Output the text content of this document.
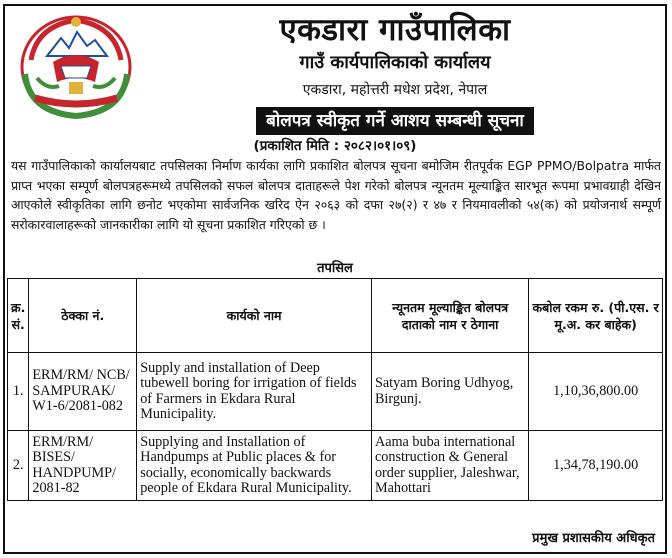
एकडारा गाउँपालिका
गाउँ कार्यपालिकाको कार्यालय
एकडारा, महोत्तरी मधेश प्रदेश, नेपाल
बोलपत्र स्वीकृत गर्ने आशय सम्बन्धी सूचना
(प्रकाशित मिति : २०८२।०१।०९)
यस गाउँपालिकाको कार्यालयबाट तपसिलका निर्माण कार्यका लागि प्रकाशित बोलपत्र सूचना बमोजिम रीतपूर्वक EGP PPMO/Bolpatra मार्फत प्राप्त भएका सम्पूर्ण बोलपत्रहरूमध्ये तपसिलको सफल बोलपत्र दाताहरूले पेश गरेको बोलपत्र न्यूनतम मूल्याङ्कित सारभूत रूपमा प्रभावग्राही देखिन आएकोले स्वीकृतिका लागि छनोट भएकोमा सार्वजनिक खरिद ऐन २०६३ को दफा २७(२) र ४७ र नियमावलीको ५४(क) को प्रयोजनार्थ सम्पूर्ण सरोकारवालाहरूको जानकारीका लागि यो सूचना प्रकाशित गरिएको छ ।
तपसिल
क्र. सं.	ठेक्का नं.	कार्यको नाम	न्यूनतम मूल्याङ्कित बोलपत्र दाताको नाम र ठेगाना	कबोल रकम रु. (पी.एस. र मू.अ. कर बाहेक)
1.	ERM/RM/ NCB/ SAMPURAK/ W1-6/2081-082	Supply and installation of Deep tubewell boring for irrigation of fields of Farmers in Ekdara Rural Municipality.	Satyam Boring Udhyog, Birgunj.	1,10,36,800.00
2.	ERM/RM/ BISES/ HANDPUMP/ 2081-82	Supplying and Installation of Handpumps at Public places & for socially, economically backwards people of Ekdara Rural Municipality.	Aama buba international construction & General order supplier, Jaleshwar, Mahottari	1,34,78,190.00
प्रमुख प्रशासकीय अधिकृत
